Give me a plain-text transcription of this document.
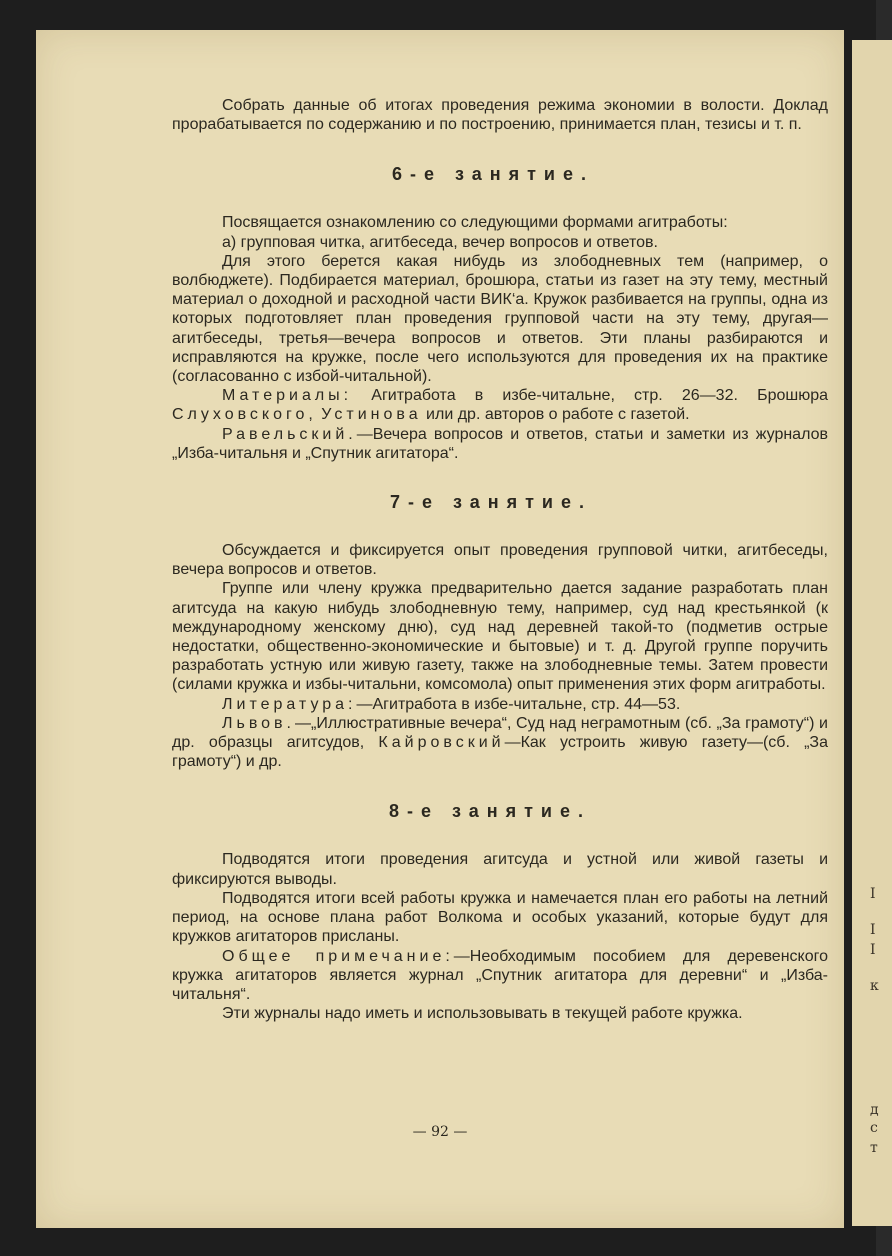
I
I
I
к
д
с
т
— 92 —

Собрать данные об итогах проведения режима экономии в волости. Доклад прорабатывается по содержанию и по построению, принимается план, тезисы и т. п.

6-е занятие.

Посвящается ознакомлению со следующими формами агитработы:

а) групповая читка, агитбеседа, вечер вопросов и ответов.

Для этого берется какая нибудь из злободневных тем (например, о волбюджете). Подбирается материал, брошюра, статьи из газет на эту тему, местный материал о доходной и расходной части ВИК‘а. Кружок разбивается на группы, одна из которых подготовляет план проведения групповой части на эту тему, другая—агитбеседы, третья—вечера вопросов и ответов. Эти планы разбираются и исправляются на кружке, после чего используются для проведения их на практике (согласованно с избой-читальной).

Материалы: Агитработа в избе-читальне, стр. 26—32. Брошюра Слуховского, Устинова или др. авторов о работе с газетой.

Равельский.—Вечера вопросов и ответов, статьи и заметки из журналов „Изба-читальня и „Спутник агитатора“.

7-е занятие.

Обсуждается и фиксируется опыт проведения групповой читки, агитбеседы, вечера вопросов и ответов.

Группе или члену кружка предварительно дается задание разработать план агитсуда на какую нибудь злободневную тему, например, суд над крестьянкой (к международному женскому дню), суд над деревней такой-то (подметив острые недостатки, общественно-экономические и бытовые) и т. д. Другой группе поручить разработать устную или живую газету, также на злободневные темы. Затем провести (силами кружка и избы-читальни, комсомола) опыт применения этих форм агитработы.

Литература:—Агитработа в избе-читальне, стр. 44—53.

Львов.—„Иллюстративные вечера“, Суд над неграмотным (сб. „За грамоту“) и др. образцы агитсудов, Кайровский—Как устроить живую газету—(сб. „За грамоту“) и др.

8-е занятие.

Подводятся итоги проведения агитсуда и устной или живой газеты и фиксируются выводы.

Подводятся итоги всей работы кружка и намечается план его работы на летний период, на основе плана работ Волкома и особых указаний, которые будут для кружков агитаторов присланы.

Общее примечание:—Необходимым пособием для деревенского кружка агитаторов является журнал „Спутник агитатора для деревни“ и „Изба-читальня“.

Эти журналы надо иметь и использовывать в текущей работе кружка.
